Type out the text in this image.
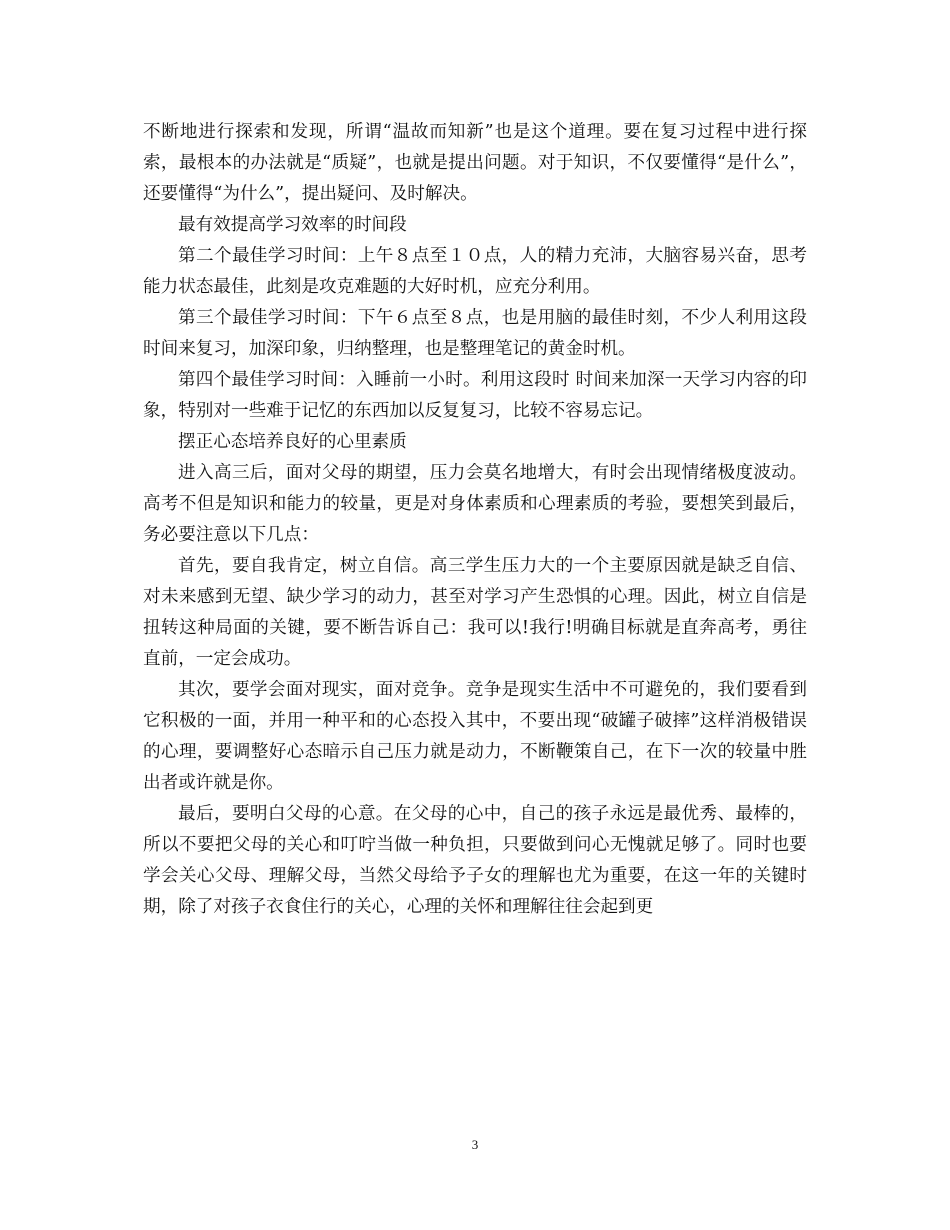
不断地进行探索和发现，所谓“温故而知新”也是这个道理。要在复习过程中进行探索，最根本的办法就是“质疑”，也就是提出问题。对于知识，不仅要懂得“是什么”，还要懂得“为什么”，提出疑问、及时解决。

最有效提高学习效率的时间段

第二个最佳学习时间：上午８点至１０点，人的精力充沛，大脑容易兴奋，思考能力状态最佳，此刻是攻克难题的大好时机，应充分利用。

第三个最佳学习时间：下午６点至８点，也是用脑的最佳时刻，不少人利用这段时间来复习，加深印象，归纳整理，也是整理笔记的黄金时机。

第四个最佳学习时间：入睡前一小时。利用这段时 时间来加深一天学习内容的印象，特别对一些难于记忆的东西加以反复复习，比较不容易忘记。

摆正心态培养良好的心里素质

进入高三后，面对父母的期望，压力会莫名地增大，有时会出现情绪极度波动。高考不但是知识和能力的较量，更是对身体素质和心理素质的考验，要想笑到最后，务必要注意以下几点：

首先，要自我肯定，树立自信。高三学生压力大的一个主要原因就是缺乏自信、对未来感到无望、缺少学习的动力，甚至对学习产生恐惧的心理。因此，树立自信是扭转这种局面的关键，要不断告诉自己：我可以!我行!明确目标就是直奔高考，勇往直前，一定会成功。

其次，要学会面对现实，面对竞争。竞争是现实生活中不可避免的，我们要看到它积极的一面，并用一种平和的心态投入其中，不要出现“破罐子破摔”这样消极错误的心理，要调整好心态暗示自己压力就是动力，不断鞭策自己，在下一次的较量中胜出者或许就是你。

最后，要明白父母的心意。在父母的心中，自己的孩子永远是最优秀、最棒的，所以不要把父母的关心和叮咛当做一种负担，只要做到问心无愧就足够了。同时也要学会关心父母、理解父母，当然父母给予子女的理解也尤为重要，在这一年的关键时期，除了对孩子衣食住行的关心，心理的关怀和理解往往会起到更

3
